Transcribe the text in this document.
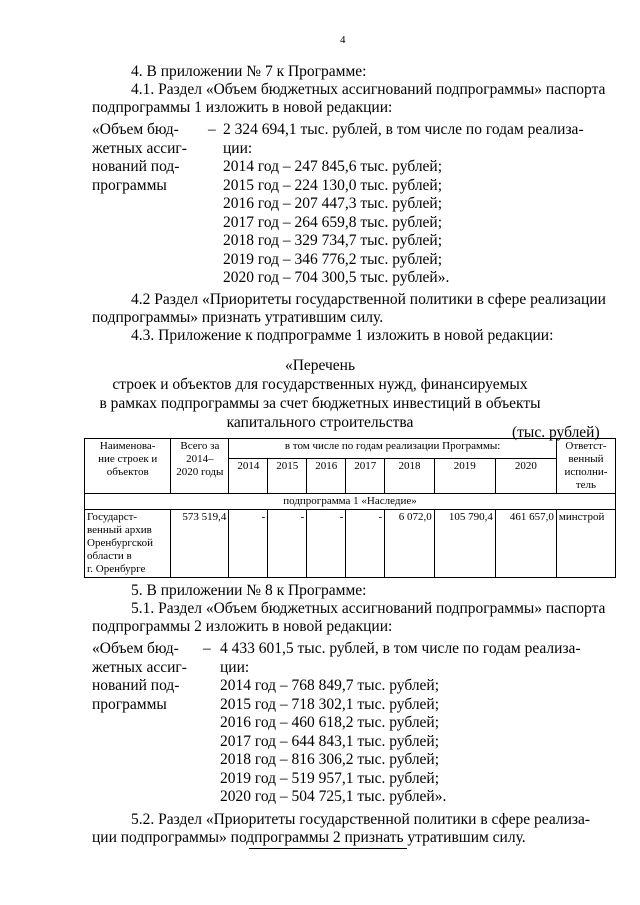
4
4. В приложении № 7 к Программе:
4.1. Раздел «Объем бюджетных ассигнований подпрограммы» паспорта
подпрограммы 1 изложить в новой редакции:
«Объем бюд-
жетных ассиг-
нований под-
программы
– 2 324 694,1 тыс. рублей, в том числе по годам реализа-
ции:
2014 год – 247 845,6 тыс. рублей;
2015 год – 224 130,0 тыс. рублей;
2016 год – 207 447,3 тыс. рублей;
2017 год – 264 659,8 тыс. рублей;
2018 год – 329 734,7 тыс. рублей;
2019 год – 346 776,2 тыс. рублей;
2020 год – 704 300,5 тыс. рублей».
4.2 Раздел «Приоритеты государственной политики в сфере реализации
подпрограммы» признать утратившим силу.
4.3. Приложение к подпрограмме 1 изложить в новой редакции:
«Перечень
строек и объектов для государственных нужд, финансируемых
в рамках подпрограммы за счет бюджетных инвестиций в объекты
капитального строительства
(тыс. рублей)
Наименова-
ние строек и
объектов	Всего за
2014–
2020 годы	в том числе по годам реализации Программы:							Ответст-
венный
исполни-
тель
		2014	2015	2016	2017	2018	2019	2020	
подпрограмма 1 «Наследие»									
Государст-
венный архив
Оренбургской
области в
г. Оренбурге	573 519,4	-	-	-	-	6 072,0	105 790,4	461 657,0	минстрой
5. В приложении № 8 к Программе:
5.1. Раздел «Объем бюджетных ассигнований подпрограммы» паспорта
подпрограммы 2 изложить в новой редакции:
«Объем бюд-
жетных ассиг-
нований под-
программы
– 4 433 601,5 тыс. рублей, в том числе по годам реализа-
ции:
2014 год – 768 849,7 тыс. рублей;
2015 год – 718 302,1 тыс. рублей;
2016 год – 460 618,2 тыс. рублей;
2017 год – 644 843,1 тыс. рублей;
2018 год – 816 306,2 тыс. рублей;
2019 год – 519 957,1 тыс. рублей;
2020 год – 504 725,1 тыс. рублей».
5.2. Раздел «Приоритеты государственной политики в сфере реализа-
ции подпрограммы» подпрограммы 2 признать утратившим силу.
